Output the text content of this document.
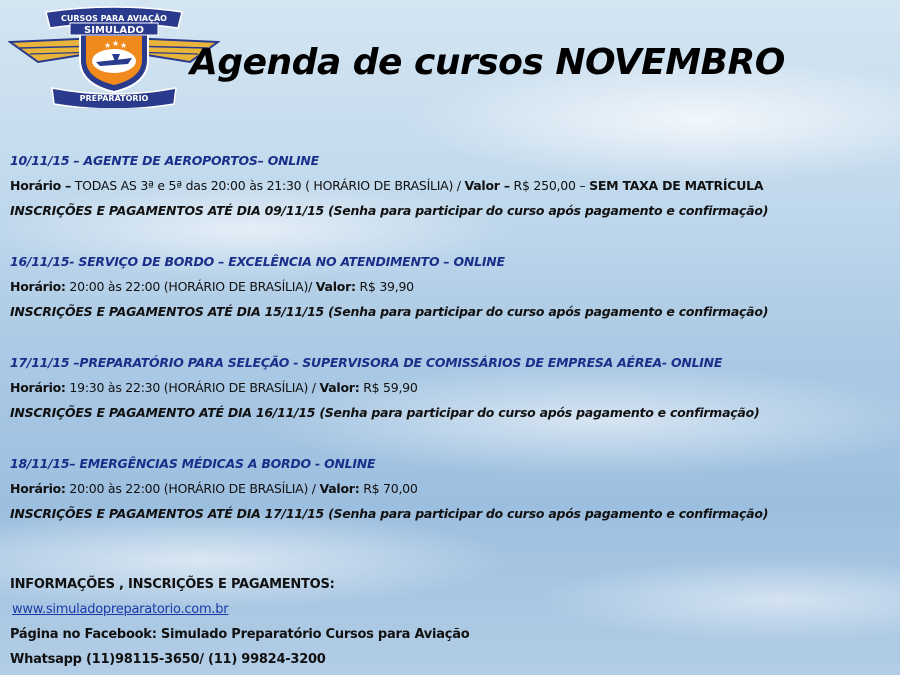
★ ★ ★
CURSOS PARA AVIAÇÃO
SIMULADO
PREPARATÓRIO
Agenda de cursos NOVEMBRO
10/11/15 – AGENTE DE AEROPORTOS– ONLINE
Horário – TODAS AS 3ª e 5ª das 20:00 às 21:30 ( HORÁRIO DE BRASÍLIA) / Valor – R$ 250,00 – SEM TAXA DE MATRÍCULA
INSCRIÇÕES E PAGAMENTOS ATÉ DIA 09/11/15 (Senha para participar do curso após pagamento e confirmação)
16/11/15- SERVIÇO DE BORDO – EXCELÊNCIA NO ATENDIMENTO – ONLINE
Horário: 20:00 às 22:00 (HORÁRIO DE BRASÍLIA)/ Valor: R$ 39,90
INSCRIÇÕES E PAGAMENTOS ATÉ DIA 15/11/15 (Senha para participar do curso após pagamento e confirmação)
17/11/15 –PREPARATÓRIO PARA SELEÇÃO - SUPERVISORA DE COMISSÁRIOS DE EMPRESA AÉREA- ONLINE
Horário: 19:30 às 22:30 (HORÁRIO DE BRASÍLIA) / Valor: R$ 59,90
INSCRIÇÕES E PAGAMENTO ATÉ DIA 16/11/15 (Senha para participar do curso após pagamento e confirmação)
18/11/15– EMERGÊNCIAS MÉDICAS A BORDO - ONLINE
Horário: 20:00 às 22:00 (HORÁRIO DE BRASÍLIA) / Valor: R$ 70,00
INSCRIÇÕES E PAGAMENTOS ATÉ DIA 17/11/15 (Senha para participar do curso após pagamento e confirmação)
INFORMAÇÕES , INSCRIÇÕES E PAGAMENTOS:
www.simuladopreparatorio.com.br
Página no Facebook: Simulado Preparatório Cursos para Aviação
Whatsapp (11)98115-3650/ (11) 99824-3200
